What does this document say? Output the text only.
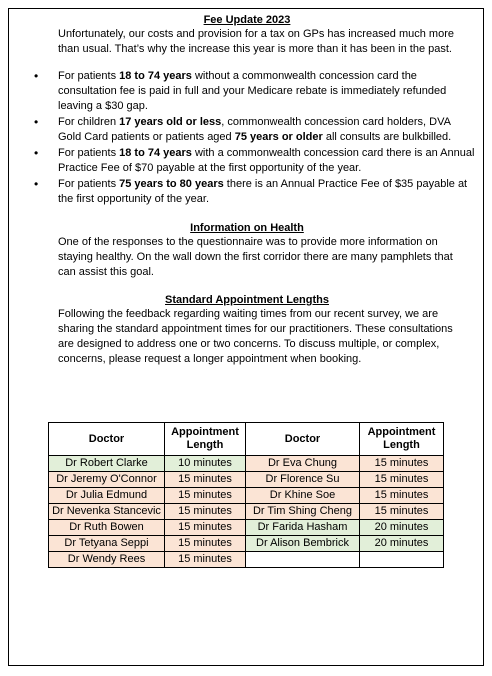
Fee Update 2023

Unfortunately, our costs and provision for a tax on GPs has increased much more than usual. That’s why the increase this year is more than it has been in the past.

• For patients 18 to 74 years without a commonwealth concession card the consultation fee is paid in full and your Medicare rebate is immediately refunded leaving a $30 gap.
• For children 17 years old or less, commonwealth concession card holders, DVA Gold Card patients or patients aged 75 years or older all consults are bulkbilled.
• For patients 18 to 74 years with a commonwealth concession card there is an Annual Practice Fee of $70 payable at the first opportunity of the year.
• For patients 75 years to 80 years there is an Annual Practice Fee of $35 payable at the first opportunity of the year.

Information on Health

One of the responses to the questionnaire was to provide more information on staying healthy. On the wall down the first corridor there are many pamphlets that can assist this goal.

Standard Appointment Lengths

Following the feedback regarding waiting times from our recent survey, we are sharing the standard appointment times for our practitioners. These consultations are designed to address one or two concerns. To discuss multiple, or complex, concerns, please request a longer appointment when booking.

Doctor	Appointment Length	Doctor	Appointment Length
Dr Robert Clarke	10 minutes	Dr Eva Chung	15 minutes
Dr Jeremy O'Connor	15 minutes	Dr Florence Su	15 minutes
Dr Julia Edmund	15 minutes	Dr Khine Soe	15 minutes
Dr Nevenka Stancevic	15 minutes	Dr Tim Shing Cheng	15 minutes
Dr Ruth Bowen	15 minutes	Dr Farida Hasham	20 minutes
Dr Tetyana Seppi	15 minutes	Dr Alison Bembrick	20 minutes
Dr Wendy Rees	15 minutes		
